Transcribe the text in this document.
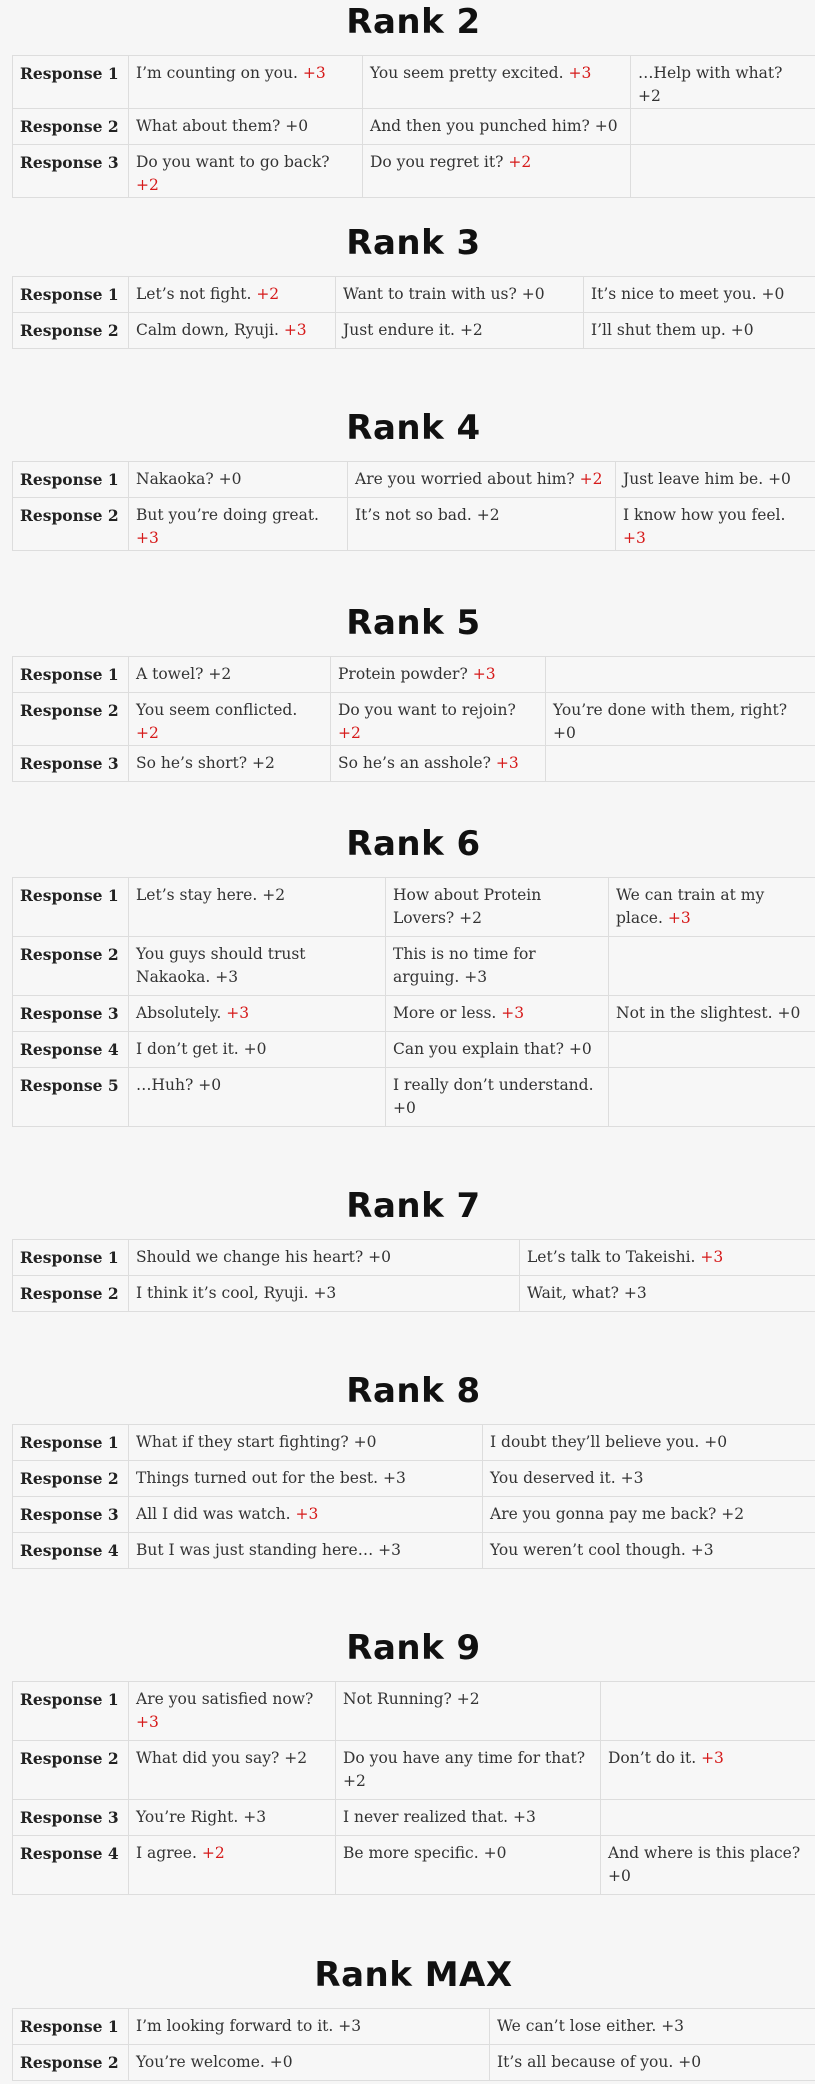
Rank 2
Response 1	I’m counting on you. +3	You seem pretty excited. +3	…Help with what? +2
Response 2	What about them? +0	And then you punched him? +0	
Response 3	Do you want to go back? +2	Do you regret it? +2	
Rank 3
Response 1	Let’s not fight. +2	Want to train with us? +0	It’s nice to meet you. +0
Response 2	Calm down, Ryuji. +3	Just endure it. +2	I’ll shut them up. +0
Rank 4
Response 1	Nakaoka? +0	Are you worried about him? +2	Just leave him be. +0
Response 2	But you’re doing great. +3	It’s not so bad. +2	I know how you feel. +3
Rank 5
Response 1	A towel? +2	Protein powder? +3	
Response 2	You seem conflicted. +2	Do you want to rejoin? +2	You’re done with them, right? +0
Response 3	So he’s short? +2	So he’s an asshole? +3	
Rank 6
Response 1	Let’s stay here. +2	How about Protein Lovers? +2	We can train at my place. +3
Response 2	You guys should trust Nakaoka. +3	This is no time for arguing. +3	
Response 3	Absolutely. +3	More or less. +3	Not in the slightest. +0
Response 4	I don’t get it. +0	Can you explain that? +0	
Response 5	…Huh? +0	I really don’t understand. +0	
Rank 7
Response 1	Should we change his heart? +0	Let’s talk to Takeishi. +3
Response 2	I think it’s cool, Ryuji. +3	Wait, what? +3
Rank 8
Response 1	What if they start fighting? +0	I doubt they’ll believe you. +0
Response 2	Things turned out for the best. +3	You deserved it. +3
Response 3	All I did was watch. +3	Are you gonna pay me back? +2
Response 4	But I was just standing here… +3	You weren’t cool though. +3
Rank 9
Response 1	Are you satisfied now? +3	Not Running? +2	
Response 2	What did you say? +2	Do you have any time for that? +2	Don’t do it. +3
Response 3	You’re Right. +3	I never realized that. +3	
Response 4	I agree. +2	Be more specific. +0	And where is this place? +0
Rank MAX
Response 1	I’m looking forward to it. +3	We can’t lose either. +3
Response 2	You’re welcome. +0	It’s all because of you. +0
